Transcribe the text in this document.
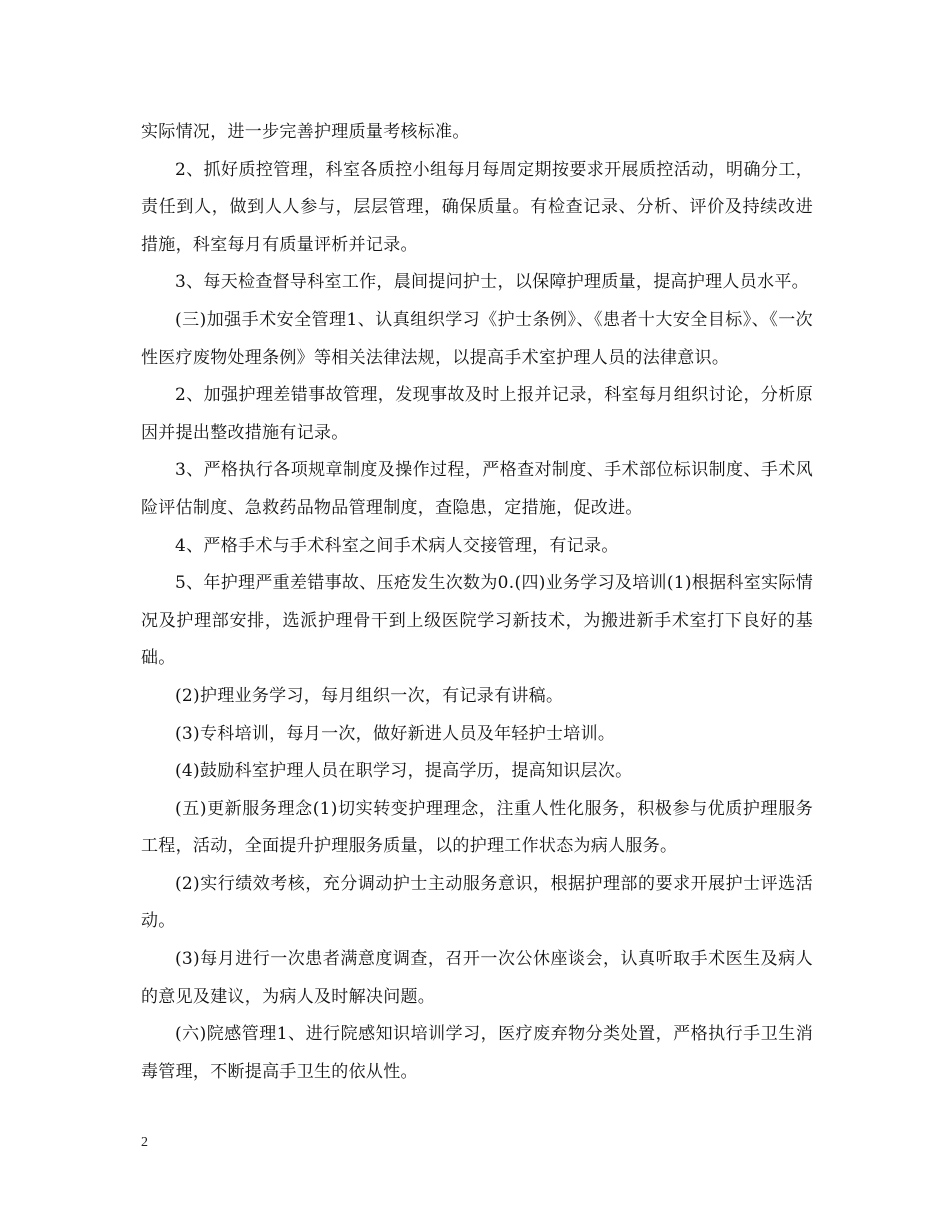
实际情况，进一步完善护理质量考核标准。

2、抓好质控管理，科室各质控小组每月每周定期按要求开展质控活动，明确分工，责任到人，做到人人参与，层层管理，确保质量。有检查记录、分析、评价及持续改进措施，科室每月有质量评析并记录。

3、每天检查督导科室工作，晨间提问护士，以保障护理质量，提高护理人员水平。

(三)加强手术安全管理1、认真组织学习《护士条例》、《患者十大安全目标》、《一次性医疗废物处理条例》等相关法律法规，以提高手术室护理人员的法律意识。

2、加强护理差错事故管理，发现事故及时上报并记录，科室每月组织讨论，分析原因并提出整改措施有记录。

3、严格执行各项规章制度及操作过程，严格查对制度、手术部位标识制度、手术风险评估制度、急救药品物品管理制度，查隐患，定措施，促改进。

4、严格手术与手术科室之间手术病人交接管理，有记录。

5、年护理严重差错事故、压疮发生次数为0.(四)业务学习及培训(1)根据科室实际情况及护理部安排，选派护理骨干到上级医院学习新技术，为搬进新手术室打下良好的基础。

(2)护理业务学习，每月组织一次，有记录有讲稿。

(3)专科培训，每月一次，做好新进人员及年轻护士培训。

(4)鼓励科室护理人员在职学习，提高学历，提高知识层次。

(五)更新服务理念(1)切实转变护理理念，注重人性化服务，积极参与优质护理服务工程，活动，全面提升护理服务质量，以的护理工作状态为病人服务。

(2)实行绩效考核，充分调动护士主动服务意识，根据护理部的要求开展护士评选活动。

(3)每月进行一次患者满意度调查，召开一次公休座谈会，认真听取手术医生及病人的意见及建议，为病人及时解决问题。

(六)院感管理1、进行院感知识培训学习，医疗废弃物分类处置，严格执行手卫生消毒管理，不断提高手卫生的依从性。

2
